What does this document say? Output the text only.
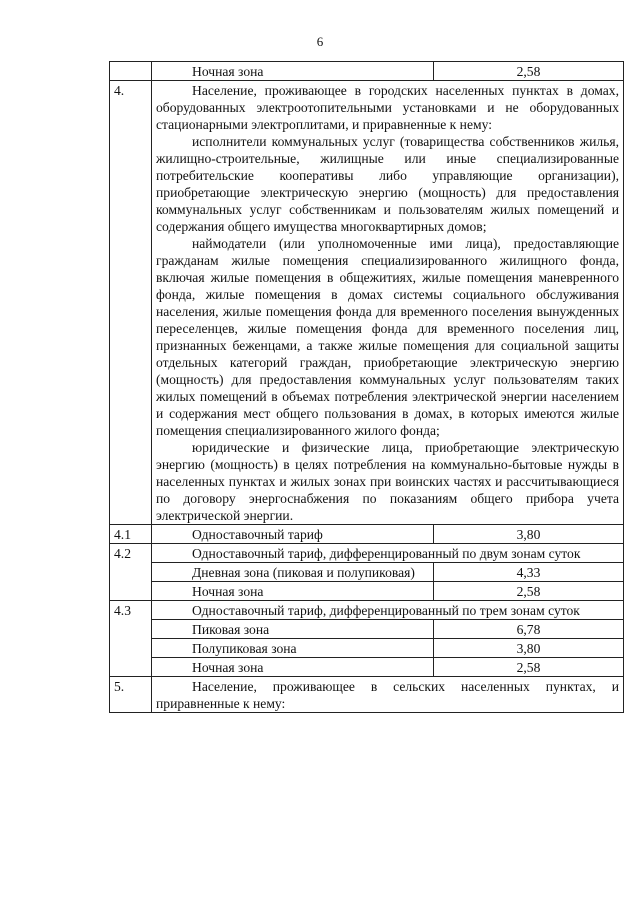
6
	Ночная зона	2,58
4.	Население, проживающее в городских населенных пунктах в домах, оборудованных электроотопительными установками и не оборудованных стационарными электроплитами, и приравненные к нему:

исполнители коммунальных услуг (товарищества собственников жилья, жилищно-строительные, жилищные или иные специализированные потребительские кооперативы либо управляющие организации), приобретающие электрическую энергию (мощность) для предоставления коммунальных услуг собственникам и пользователям жилых помещений и содержания общего имущества многоквартирных домов;

наймодатели (или уполномоченные ими лица), предоставляющие гражданам жилые помещения специализированного жилищного фонда, включая жилые помещения в общежитиях, жилые помещения маневренного фонда, жилые помещения в домах системы социального обслуживания населения, жилые помещения фонда для временного поселения вынужденных переселенцев, жилые помещения фонда для временного поселения лиц, признанных беженцами, а также жилые помещения для социальной защиты отдельных категорий граждан, приобретающие электрическую энергию (мощность) для предоставления коммунальных услуг пользователям таких жилых помещений в объемах потребления электрической энергии населением и содержания мест общего пользования в домах, в которых имеются жилые помещения специализированного жилого фонда;

юридические и физические лица, приобретающие электрическую энергию (мощность) в целях потребления на коммунально-бытовые нужды в населенных пунктах и жилых зонах при воинских частях и рассчитывающиеся по договору энергоснабжения по показаниям общего прибора учета электрической энергии.	

4.1	Одноставочный тариф	3,80
4.2	Одноставочный тариф, дифференцированный по двум зонам суток	
	Дневная зона (пиковая и полупиковая)	4,33
	Ночная зона	2,58
4.3	Одноставочный тариф, дифференцированный по трем зонам суток	
	Пиковая зона	6,78
	Полупиковая зона	3,80
	Ночная зона	2,58
5.	Население, проживающее в сельских населенных пунктах, и приравненные к нему:	
